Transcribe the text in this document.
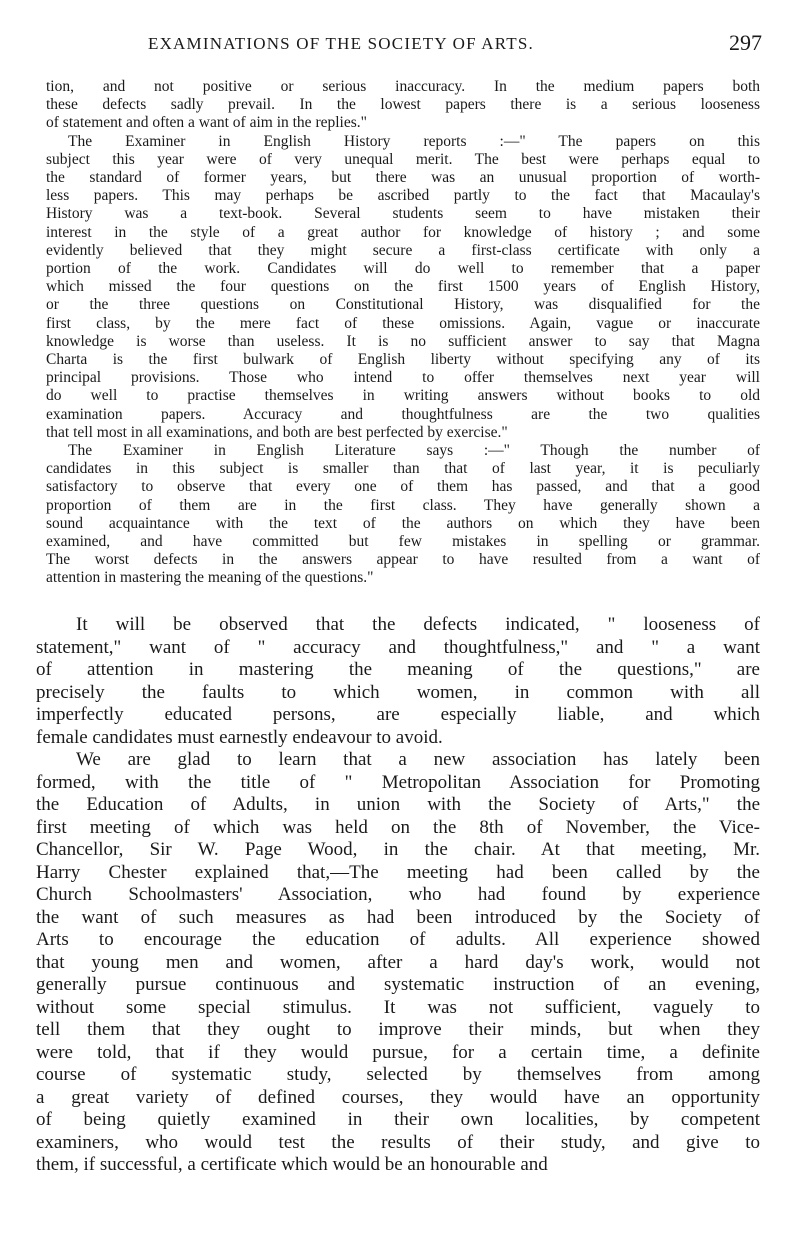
EXAMINATIONS OF THE SOCIETY OF ARTS.	297

tion, and not positive or serious inaccuracy. In the medium papers both
these defects sadly prevail. In the lowest papers there is a serious looseness
of statement and often a want of aim in the replies."

The Examiner in English History reports :—" The papers on this
subject this year were of very unequal merit. The best were perhaps equal to
the standard of former years, but there was an unusual proportion of worth-
less papers. This may perhaps be ascribed partly to the fact that Macaulay's
History was a text-book. Several students seem to have mistaken their
interest in the style of a great author for knowledge of history ; and some
evidently believed that they might secure a first-class certificate with only a
portion of the work. Candidates will do well to remember that a paper
which missed the four questions on the first 1500 years of English History,
or the three questions on Constitutional History, was disqualified for the
first class, by the mere fact of these omissions. Again, vague or inaccurate
knowledge is worse than useless. It is no sufficient answer to say that Magna
Charta is the first bulwark of English liberty without specifying any of its
principal provisions. Those who intend to offer themselves next year will
do well to practise themselves in writing answers without books to old
examination papers. Accuracy and thoughtfulness are the two qualities
that tell most in all examinations, and both are best perfected by exercise."

The Examiner in English Literature says :—" Though the number of
candidates in this subject is smaller than that of last year, it is peculiarly
satisfactory to observe that every one of them has passed, and that a good
proportion of them are in the first class. They have generally shown a
sound acquaintance with the text of the authors on which they have been
examined, and have committed but few mistakes in spelling or grammar.
The worst defects in the answers appear to have resulted from a want of
attention in mastering the meaning of the questions."

It will be observed that the defects indicated, " looseness of
statement," want of " accuracy and thoughtfulness," and " a want
of attention in mastering the meaning of the questions," are
precisely the faults to which women, in common with all
imperfectly educated persons, are especially liable, and which
female candidates must earnestly endeavour to avoid.

We are glad to learn that a new association has lately been
formed, with the title of " Metropolitan Association for Promoting
the Education of Adults, in union with the Society of Arts," the
first meeting of which was held on the 8th of November, the Vice-
Chancellor, Sir W. Page Wood, in the chair. At that meeting, Mr.
Harry Chester explained that,—The meeting had been called by the
Church Schoolmasters' Association, who had found by experience
the want of such measures as had been introduced by the Society of
Arts to encourage the education of adults. All experience showed
that young men and women, after a hard day's work, would not
generally pursue continuous and systematic instruction of an evening,
without some special stimulus. It was not sufficient, vaguely to
tell them that they ought to improve their minds, but when they
were told, that if they would pursue, for a certain time, a definite
course of systematic study, selected by themselves from among
a great variety of defined courses, they would have an opportunity
of being quietly examined in their own localities, by competent
examiners, who would test the results of their study, and give to
them, if successful, a certificate which would be an honourable and
